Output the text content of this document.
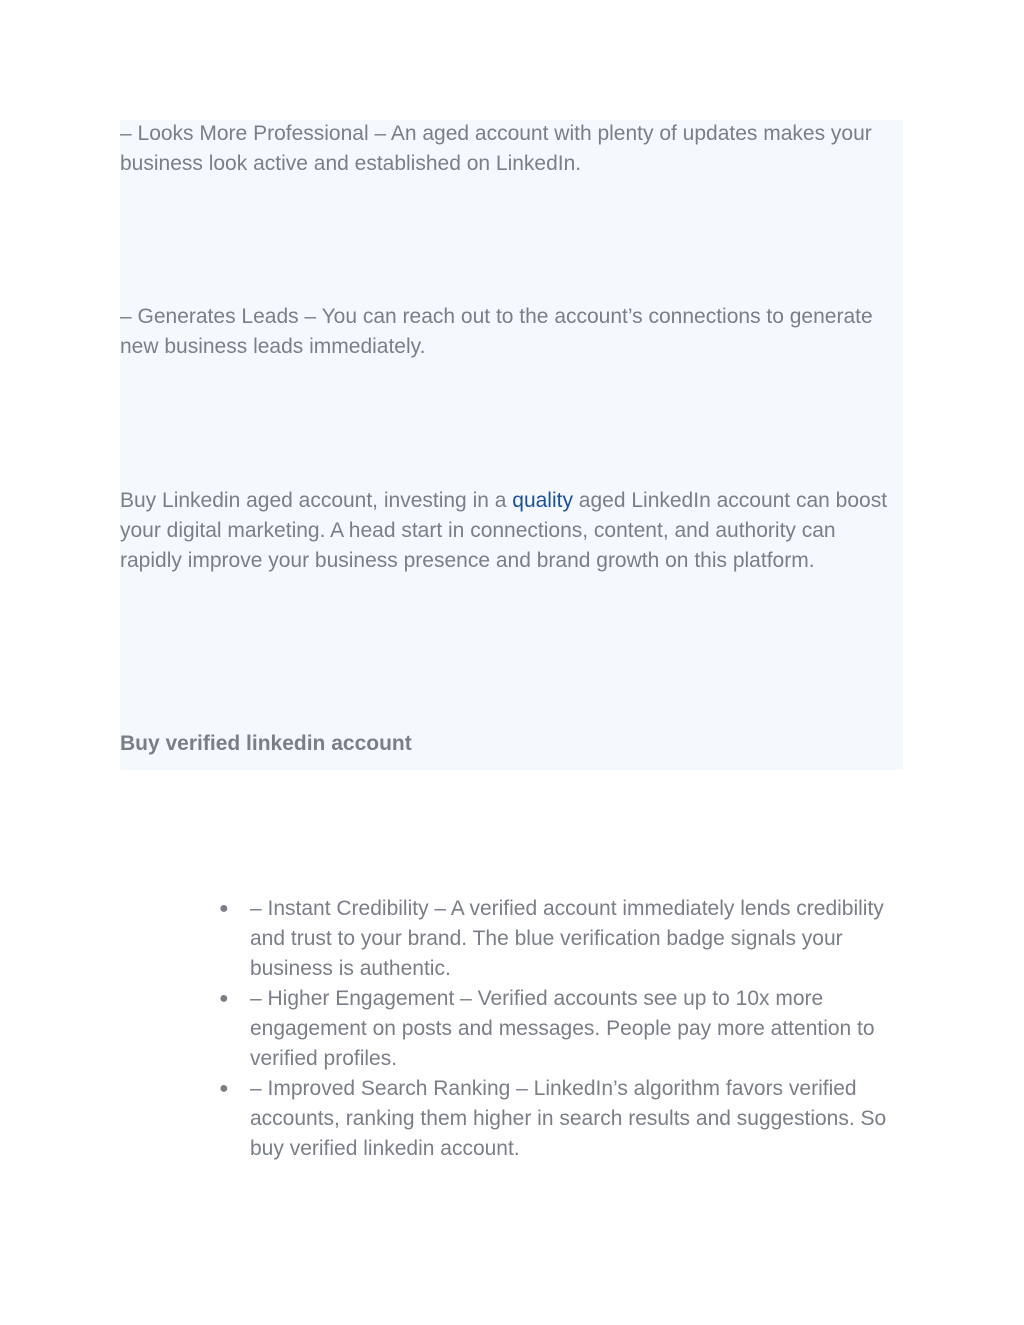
– Looks More Professional – An aged account with plenty of updates makes your business look active and established on LinkedIn.

– Generates Leads – You can reach out to the account’s connections to generate new business leads immediately.

Buy Linkedin aged account, investing in a quality aged LinkedIn account can boost your digital marketing. A head start in connections, content, and authority can rapidly improve your business presence and brand growth on this platform.

Buy verified linkedin account
● – Instant Credibility – A verified account immediately lends credibility and trust to your brand. The blue verification badge signals your business is authentic.
● – Higher Engagement – Verified accounts see up to 10x more engagement on posts and messages. People pay more attention to verified profiles.
● – Improved Search Ranking – LinkedIn’s algorithm favors verified accounts, ranking them higher in search results and suggestions. So buy verified linkedin account.
